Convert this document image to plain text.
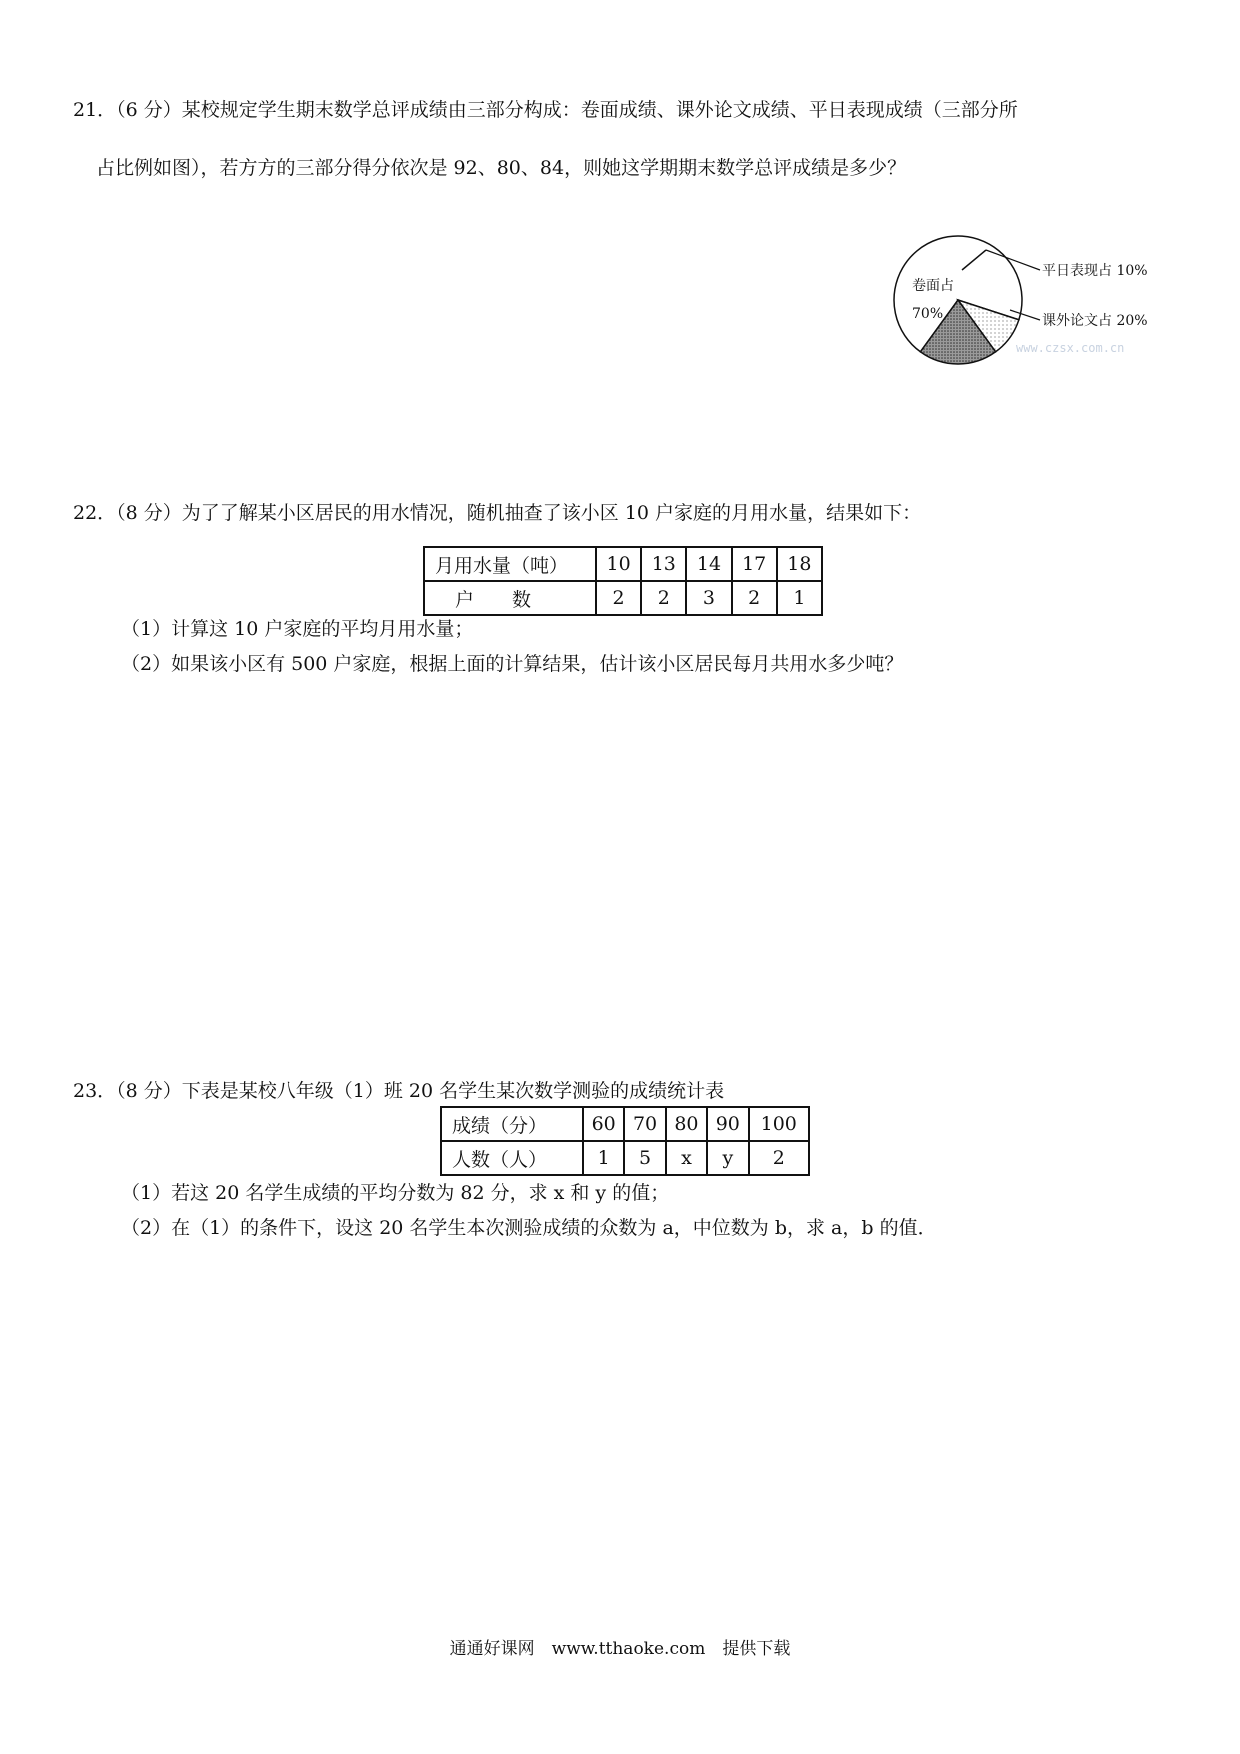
21．（6 分）某校规定学生期末数学总评成绩由三部分构成：卷面成绩、课外论文成绩、平日表现成绩（三部分所
占比例如图），若方方的三部分得分依次是 92、80、84，则她这学期期末数学总评成绩是多少？
卷面占
70%
平日表现占 10%
课外论文占 20%
www.czsx.com.cn
22．（8 分）为了了解某小区居民的用水情况，随机抽查了该小区 10 户家庭的月用水量，结果如下：
月用水量（吨）	10	13	14	17	18
户　　数	2	2	3	2	1
（1）计算这 10 户家庭的平均月用水量；
（2）如果该小区有 500 户家庭，根据上面的计算结果，估计该小区居民每月共用水多少吨？
23．（8 分）下表是某校八年级（1）班 20 名学生某次数学测验的成绩统计表
成绩（分）	60	70	80	90	100
人数（人）	1	5	x	y	2
（1）若这 20 名学生成绩的平均分数为 82 分，求 x 和 y 的值；
（2）在（1）的条件下，设这 20 名学生本次测验成绩的众数为 a，中位数为 b，求 a，b 的值．
通通好课网　www.tthaoke.com　提供下载
